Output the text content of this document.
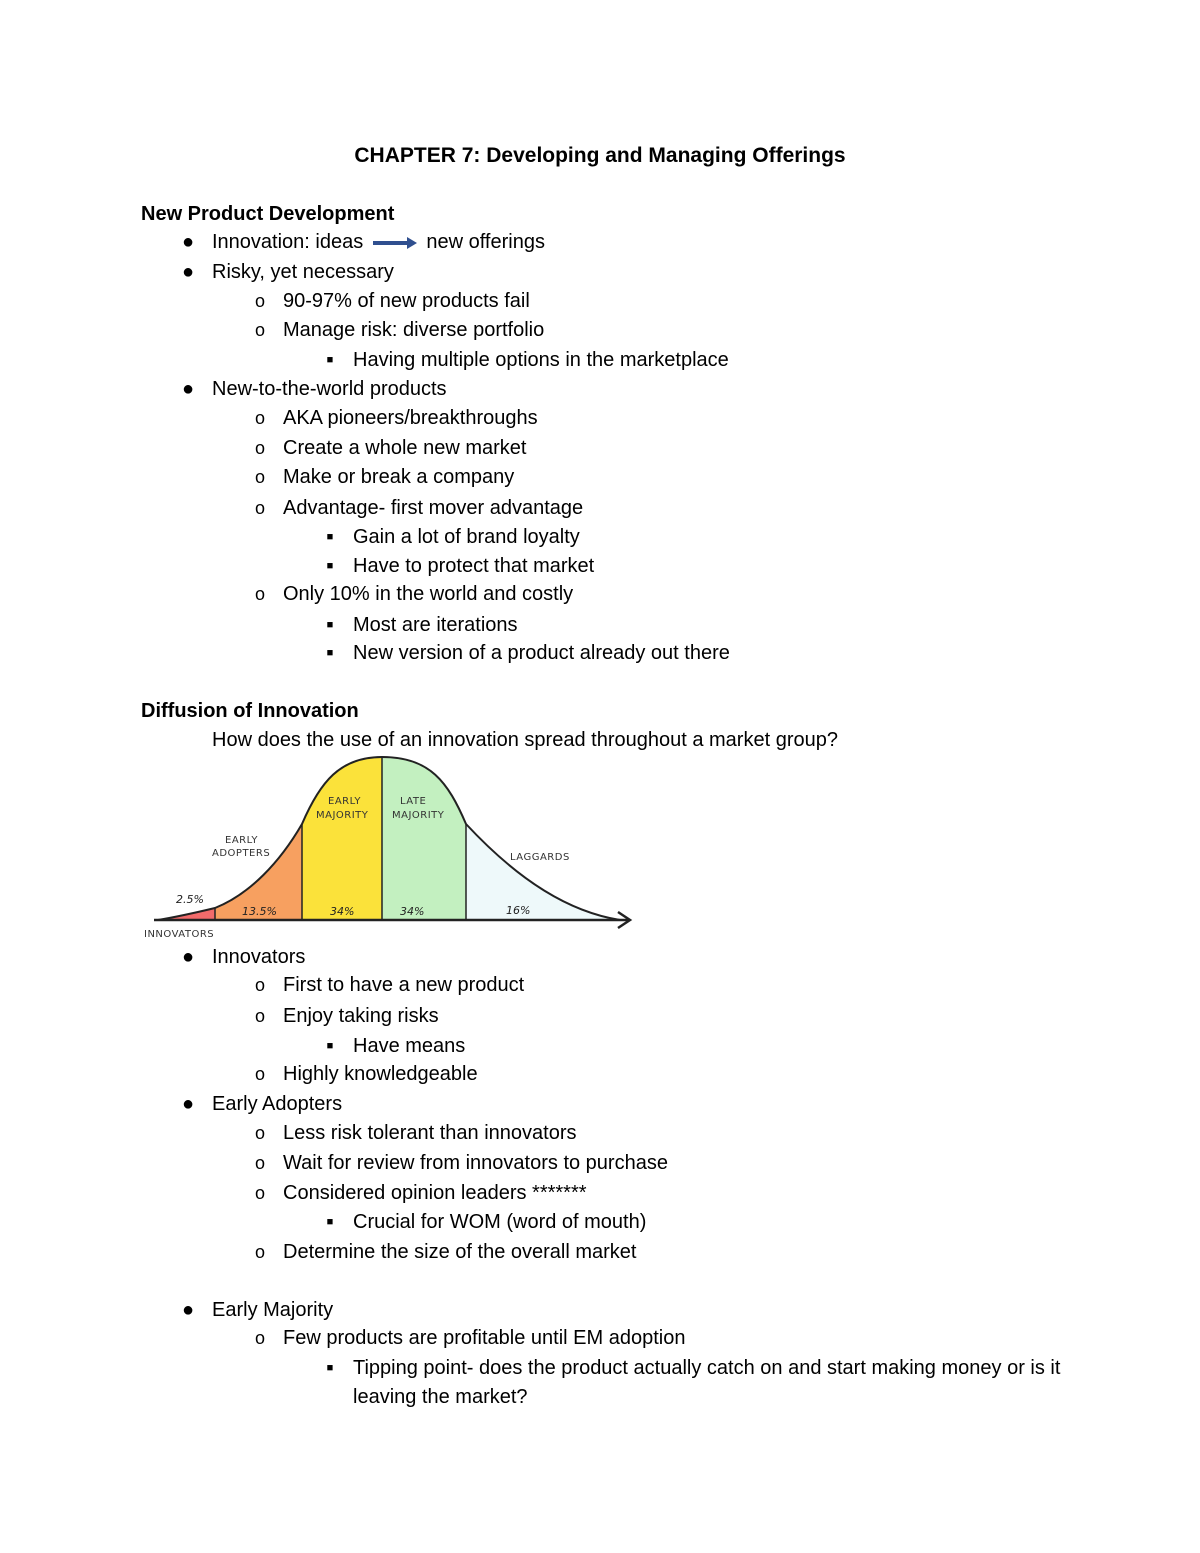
CHAPTER 7: Developing and Managing Offerings
New Product Development
● Innovation: ideas	new offerings
● Risky, yet necessary
o 90-97% of new products fail
o Manage risk: diverse portfolio
■ Having multiple options in the marketplace
● New-to-the-world products
o AKA pioneers/breakthroughs
o Create a whole new market
o Make or break a company
o Advantage- first mover advantage
■ Gain a lot of brand loyalty
■ Have to protect that market
o Only 10% in the world and costly
■ Most are iterations
■ New version of a product already out there
Diffusion of Innovation
How does the use of an innovation spread throughout a market group?
INNOVATORS
EARLY
ADOPTERS
EARLY
MAJORITY
LATE
MAJORITY
LAGGARDS
2.5%
13.5%	34%	34%	16%
● Innovators
o First to have a new product
o Enjoy taking risks
■ Have means
o Highly knowledgeable
● Early Adopters
o Less risk tolerant than innovators
o Wait for review from innovators to purchase
o Considered opinion leaders *******
■ Crucial for WOM (word of mouth)
o Determine the size of the overall market
● Early Majority
o Few products are profitable until EM adoption
■ Tipping point- does the product actually catch on and start making money or is it leaving the market?
